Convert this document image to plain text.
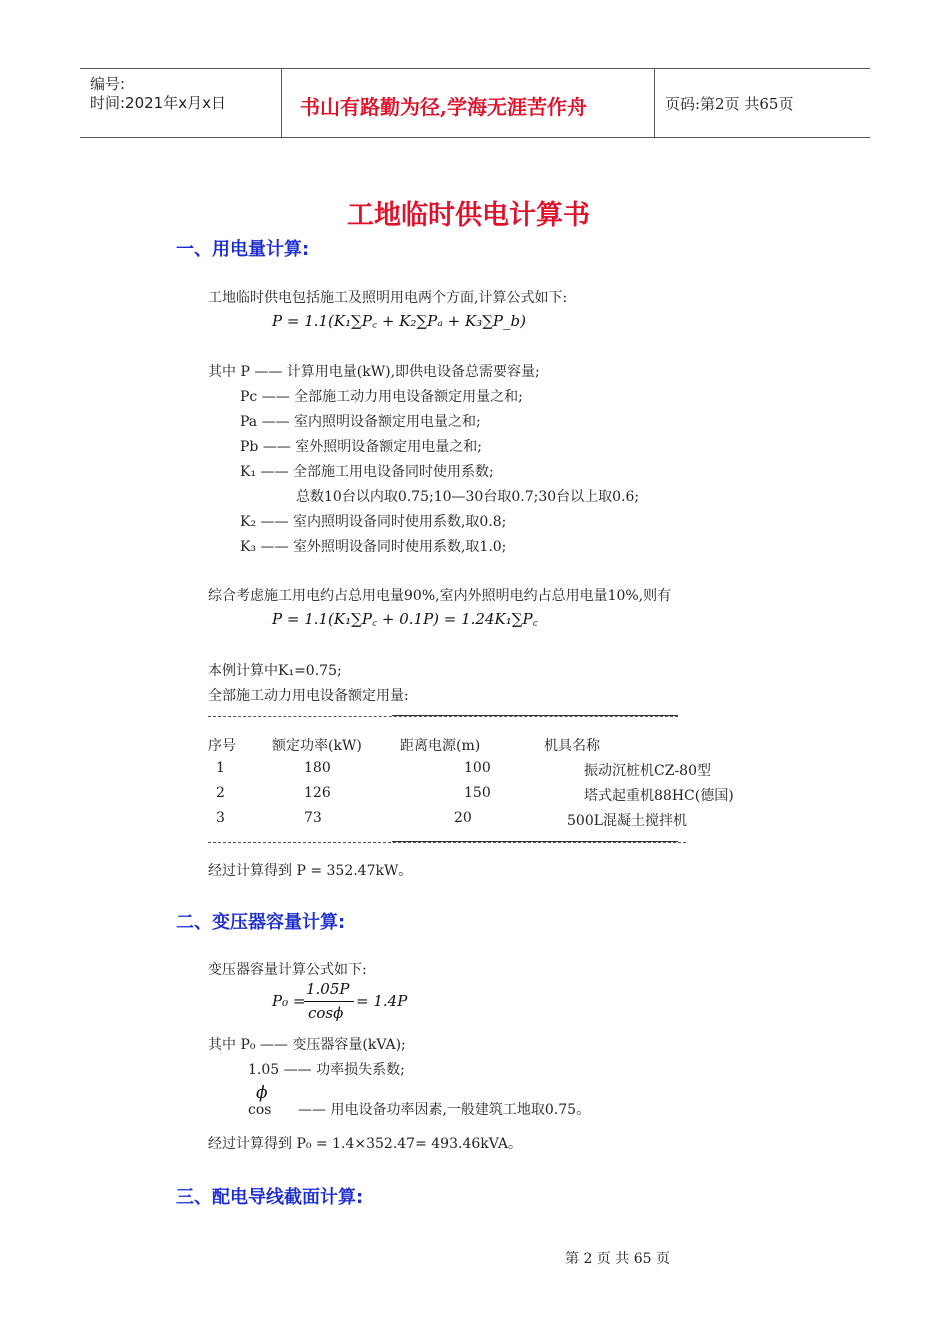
编号:
时间:2021年x月x日	书山有路勤为径,学海无涯苦作舟	页码:第2页 共65页
工地临时供电计算书
一、用电量计算:
工地临时供电包括施工及照明用电两个方面,计算公式如下:
P = 1.1(K₁∑P꜀ + K₂∑Pₐ + K₃∑P_b)
其中 P —— 计算用电量(kW),即供电设备总需要容量;
Pc —— 全部施工动力用电设备额定用量之和;
Pa —— 室内照明设备额定用电量之和;
Pb —— 室外照明设备额定用电量之和;
K₁ —— 全部施工用电设备同时使用系数;
总数10台以内取0.75;10—30台取0.7;30台以上取0.6;
K₂ —— 室内照明设备同时使用系数,取0.8;
K₃ —— 室外照明设备同时使用系数,取1.0;
综合考虑施工用电约占总用电量90%,室内外照明电约占总用电量10%,则有
P = 1.1(K₁∑P꜀ + 0.1P) = 1.24K₁∑P꜀
本例计算中K₁=0.75;
全部施工动力用电设备额定用量:
序号	额定功率(kW)	距离电源(m)	机具名称
1	180	100	振动沉桩机CZ-80型
2	126	150	塔式起重机88HC(德国)
3	73	20	500L混凝土搅拌机
经过计算得到 P = 352.47kW。
二、变压器容量计算:
变压器容量计算公式如下:
P₀ =
1.05P
cosϕ
= 1.4P
其中 P₀ —— 变压器容量(kVA);
1.05 —— 功率损失系数;
ϕ
cos —— 用电设备功率因素,一般建筑工地取0.75。
经过计算得到 P₀ = 1.4×352.47= 493.46kVA。
三、配电导线截面计算:
第 2 页 共 65 页
